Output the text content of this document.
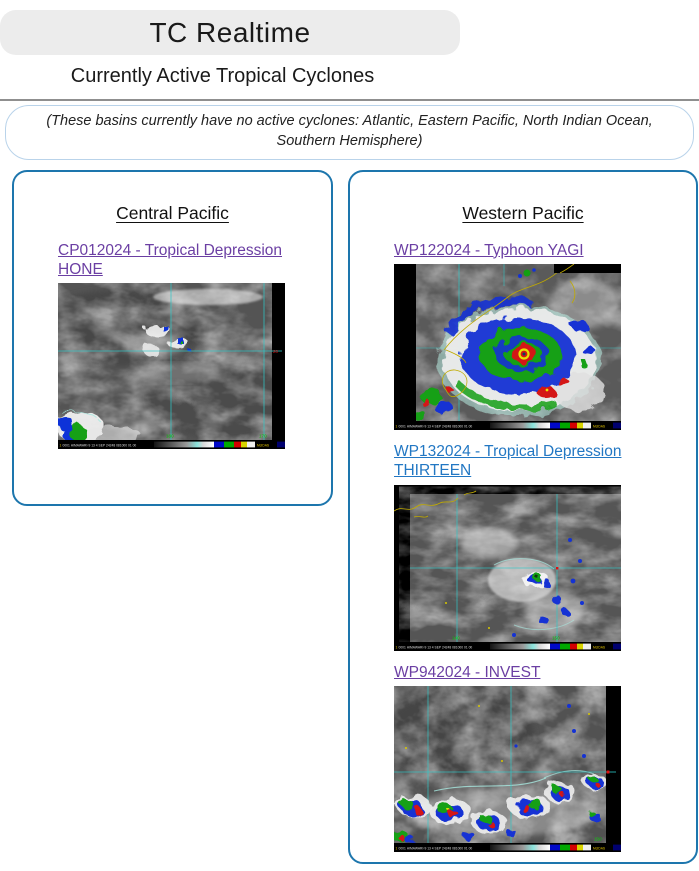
TC Realtime
Currently Active Tropical Cyclones
(These basins currently have no active cyclones: Atlantic, Eastern Pacific, North Indian Ocean, Southern Hemisphere)
Central Pacific
CP012024 - Tropical Depression HONE
180	170
20
1 0001 HIMAWARI-9 13 4 SEP 24248 081000 01 00	McIDAS
Western Pacific
WP122024 - Typhoon YAGI
1 0001 HIMAWARI-9 13 4 SEP 24248 081000 01 00	McIDAS
WP132024 - Tropical Depression THIRTEEN
140	150
1 0001 HIMAWARI-9 13 4 SEP 24248 081000 01 00	McIDAS
WP942024 - INVEST
150
1 0001 HIMAWARI-9 13 4 SEP 24248 081000 01 00	McIDAS
